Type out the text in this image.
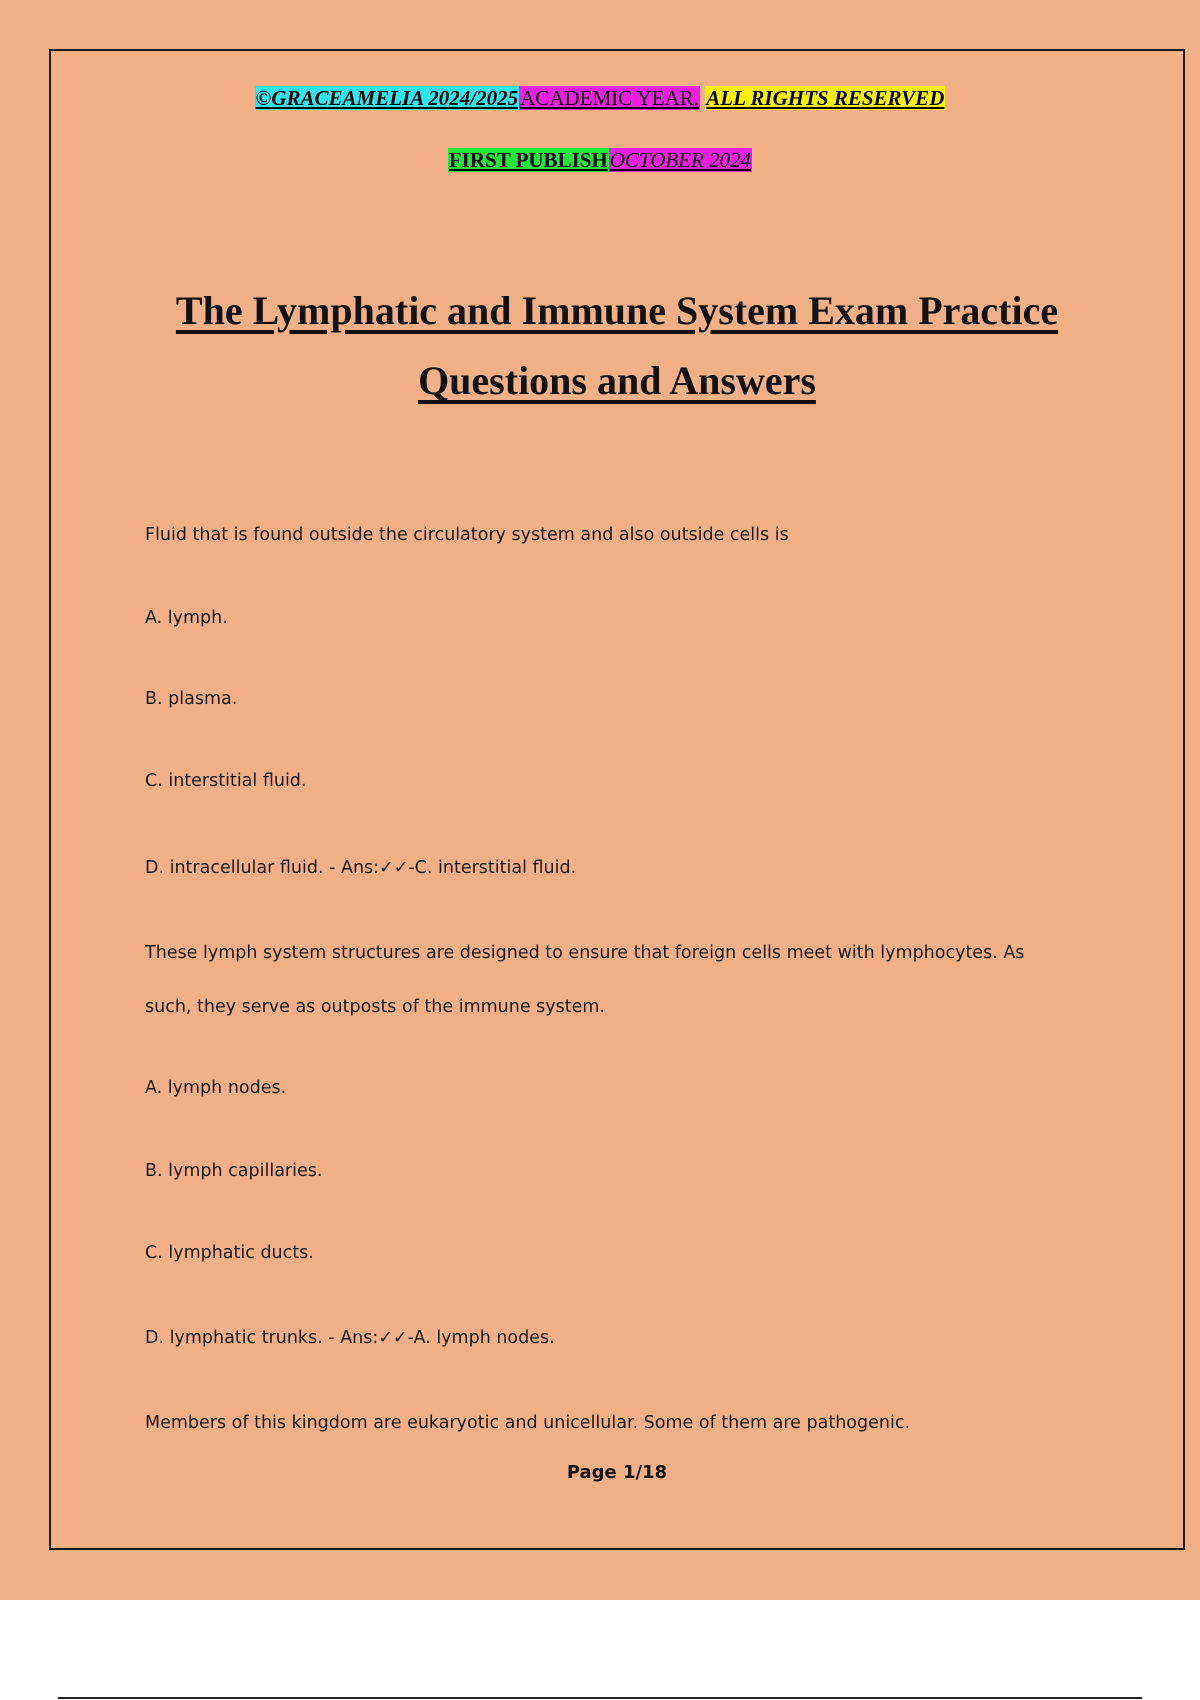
©GRACEAMELIA 2024/2025ACADEMIC YEAR. ALL RIGHTS RESERVED
FIRST PUBLISHOCTOBER 2024
The Lymphatic and Immune System Exam Practice
Questions and Answers
Fluid that is found outside the circulatory system and also outside cells is
A. lymph.
B. plasma.
C. interstitial fluid.
D. intracellular fluid. - Ans:✓✓-C. interstitial fluid.
These lymph system structures are designed to ensure that foreign cells meet with lymphocytes. As
such, they serve as outposts of the immune system.
A. lymph nodes.
B. lymph capillaries.
C. lymphatic ducts.
D. lymphatic trunks. - Ans:✓✓-A. lymph nodes.
Members of this kingdom are eukaryotic and unicellular. Some of them are pathogenic.
Page 1/18
